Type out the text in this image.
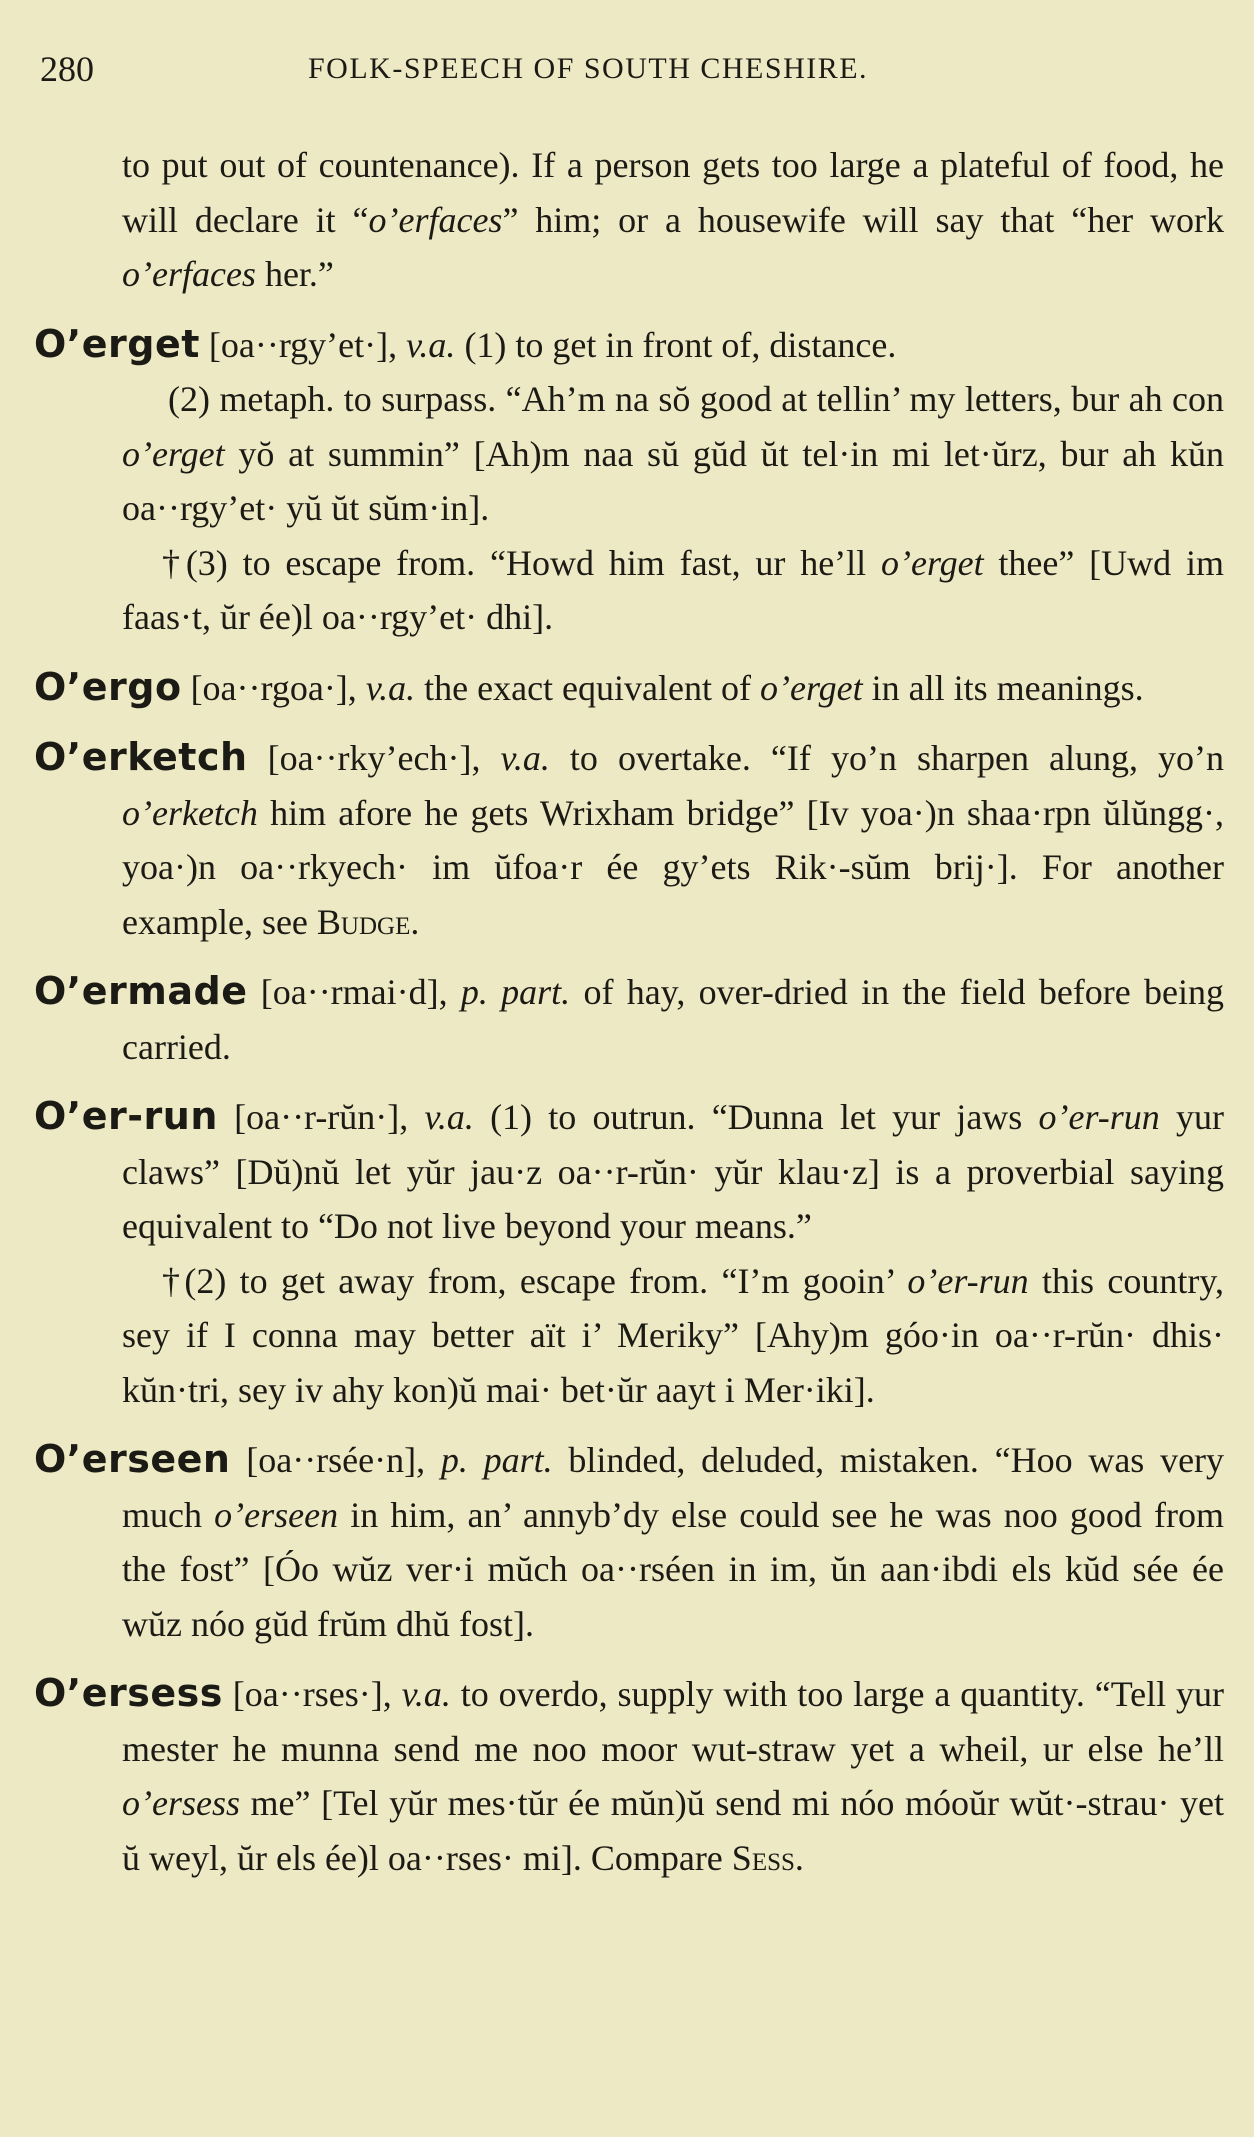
280	FOLK-SPEECH OF SOUTH CHESHIRE.

to put out of countenance). If a person gets too large a plateful of food, he will declare it “o’erfaces” him; or a housewife will say that “her work o’erfaces her.”

O’erget [oa··rgy’et·], v.a. (1) to get in front of, distance.

(2) metaph. to surpass. “Ah’m na sŏ good at tellin’ my letters, bur ah con o’erget yŏ at summin” [Ah)m naa sŭ gŭd ŭt tel·in mi let·ŭrz, bur ah kŭn oa··rgy’et· yŭ ŭt sŭm·in].

†(3) to escape from. “Howd him fast, ur he’ll o’erget thee” [Uwd im faas·t, ŭr ée)l oa··rgy’et· dhi].

O’ergo [oa··rgoa·], v.a. the exact equivalent of o’erget in all its meanings.

O’erketch [oa··rky’ech·], v.a. to overtake. “If yo’n sharpen alung, yo’n o’erketch him afore he gets Wrixham bridge” [Iv yoa·)n shaa·rpn ŭlŭngg·, yoa·)n oa··rkyech· im ŭfoa·r ée gy’ets Rik·-sŭm brij·]. For another example, see Budge.

O’ermade [oa··rmai·d], p. part. of hay, over-dried in the field before being carried.

O’er-run [oa··r-rŭn·], v.a. (1) to outrun. “Dunna let yur jaws o’er-run yur claws” [Dŭ)nŭ let yŭr jau·z oa··r-rŭn· yŭr klau·z] is a proverbial saying equivalent to “Do not live beyond your means.”

†(2) to get away from, escape from. “I’m gooin’ o’er-run this country, sey if I conna may better aït i’ Meriky” [Ahy)m góo·in oa··r-rŭn· dhis· kŭn·tri, sey iv ahy kon)ŭ mai· bet·ŭr aayt i Mer·iki].

O’erseen [oa··rsée·n], p. part. blinded, deluded, mistaken. “Hoo was very much o’erseen in him, an’ annyb’dy else could see he was noo good from the fost” [Óo wŭz ver·i mŭch oa··rséen in im, ŭn aan·ibdi els kŭd sée ée wŭz nóo gŭd frŭm dhŭ fost].

O’ersess [oa··rses·], v.a. to overdo, supply with too large a quantity. “Tell yur mester he munna send me noo moor wut-straw yet a wheil, ur else he’ll o’ersess me” [Tel yŭr mes·tŭr ée mŭn)ŭ send mi nóo móoŭr wŭt·-strau· yet ŭ weyl, ŭr els ée)l oa··rses· mi]. Compare Sess.
